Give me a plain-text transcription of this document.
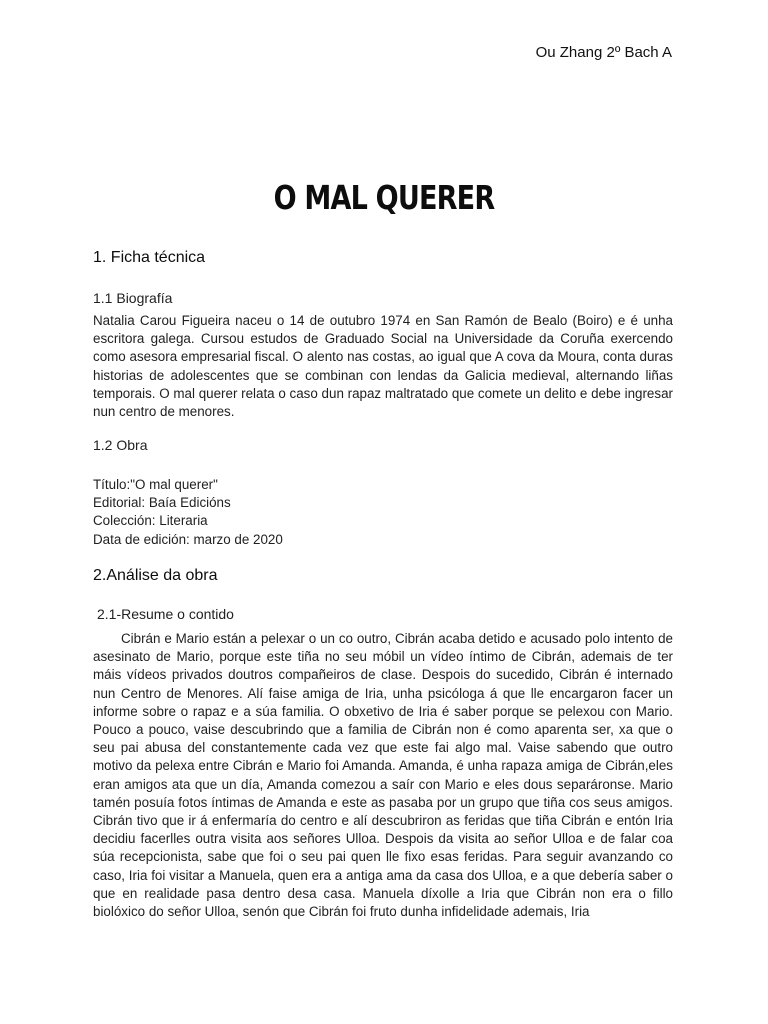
Ou Zhang 2º Bach A
O MAL QUERER
1. Ficha técnica
1.1 Biografía
Natalia Carou Figueira naceu o 14 de outubro 1974 en San Ramón de Bealo (Boiro) e é unha escritora galega. Cursou estudos de Graduado Social na Universidade da Coruña exercendo como asesora empresarial fiscal. O alento nas costas, ao igual que A cova da Moura, conta duras historias de adolescentes que se combinan con lendas da Galicia medieval, alternando liñas temporais. O mal querer relata o caso dun rapaz maltratado que comete un delito e debe ingresar nun centro de menores.
1.2 Obra
Título:"O mal querer"
Editorial: Baía Edicións
Colección: Literaria
Data de edición: marzo de 2020
2.Análise da obra
2.1-Resume o contido
Cibrán e Mario están a pelexar o un co outro, Cibrán acaba detido e acusado polo intento de asesinato de Mario, porque este tiña no seu móbil un vídeo íntimo de Cibrán, ademais de ter máis vídeos privados doutros compañeiros de clase. Despois do sucedido, Cibrán é internado nun Centro de Menores. Alí faise amiga de Iria, unha psicóloga á que lle encargaron facer un informe sobre o rapaz e a súa familia. O obxetivo de Iria é saber porque se pelexou con Mario. Pouco a pouco, vaise descubrindo que a familia de Cibrán non é como aparenta ser, xa que o seu pai abusa del constantemente cada vez que este fai algo mal. Vaise sabendo que outro motivo da pelexa entre Cibrán e Mario foi Amanda. Amanda, é unha rapaza amiga de Cibrán,eles eran amigos ata que un día, Amanda comezou a saír con Mario e eles dous separáronse. Mario tamén posuía fotos íntimas de Amanda e este as pasaba por un grupo que tiña cos seus amigos. Cibrán tivo que ir á enfermaría do centro e alí descubriron as feridas que tiña Cibrán e entón Iria decidiu facerlles outra visita aos señores Ulloa. Despois da visita ao señor Ulloa e de falar coa súa recepcionista, sabe que foi o seu pai quen lle fixo esas feridas. Para seguir avanzando co caso, Iria foi visitar a Manuela, quen era a antiga ama da casa dos Ulloa, e a que debería saber o que en realidade pasa dentro desa casa. Manuela díxolle a Iria que Cibrán non era o fillo biolóxico do señor Ulloa, senón que Cibrán foi fruto dunha infidelidade ademais, Iria
